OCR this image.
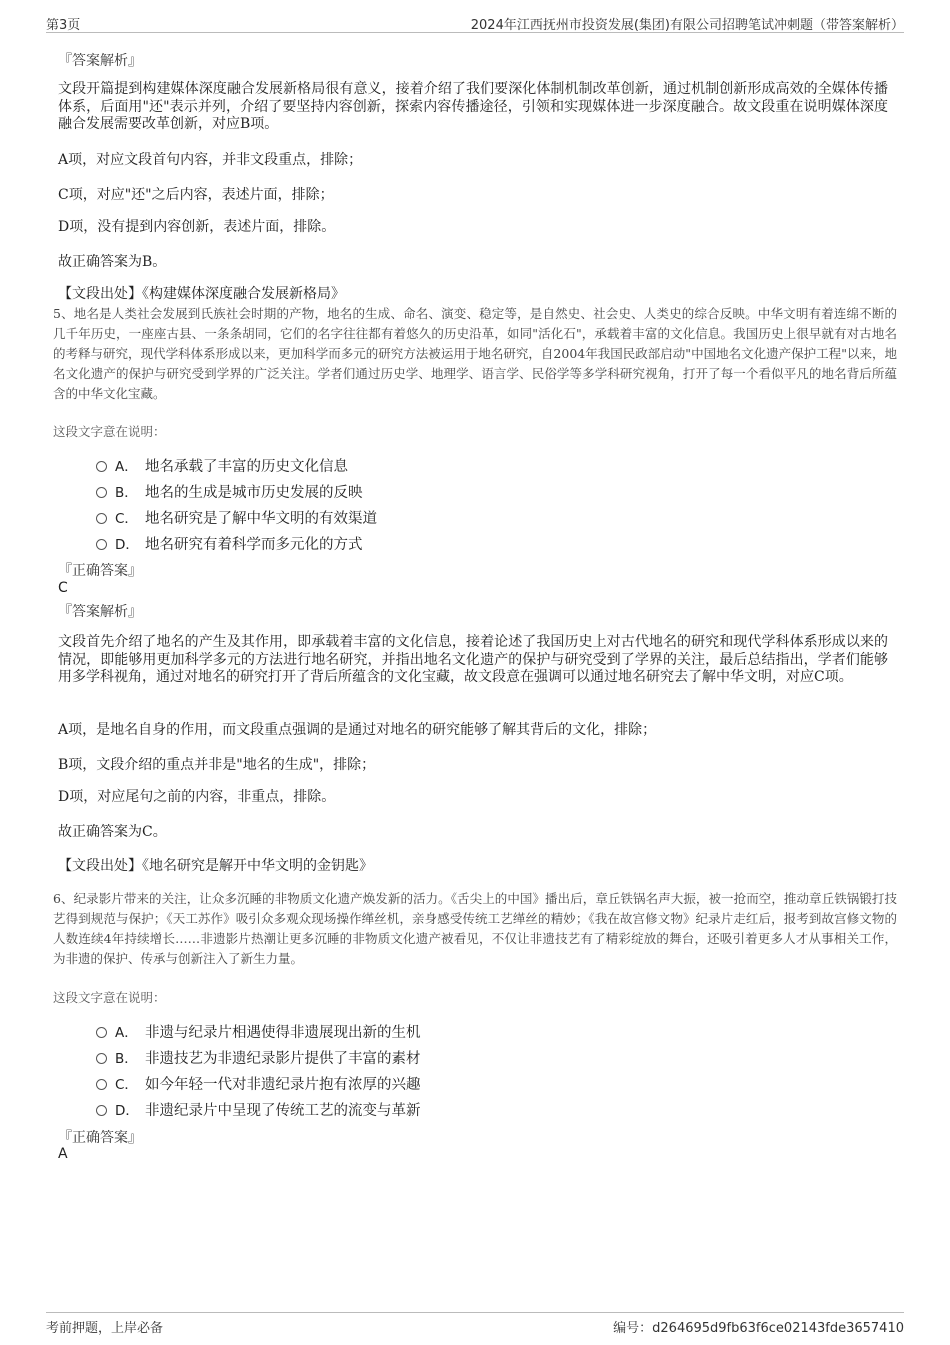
第3页	2024年江西抚州市投资发展(集团)有限公司招聘笔试冲刺题（带答案解析）
『答案解析』
文段开篇提到构建媒体深度融合发展新格局很有意义，接着介绍了我们要深化体制机制改革创新，通过机制创新形成高效的全媒体传播体系，后面用"还"表示并列，介绍了要坚持内容创新，探索内容传播途径，引领和实现媒体进一步深度融合。故文段重在说明媒体深度融合发展需要改革创新，对应B项。
A项，对应文段首句内容，并非文段重点，排除；
C项，对应"还"之后内容，表述片面，排除；
D项，没有提到内容创新，表述片面，排除。
故正确答案为B。
【文段出处】《构建媒体深度融合发展新格局》
5、地名是人类社会发展到氏族社会时期的产物，地名的生成、命名、演变、稳定等，是自然史、社会史、人类史的综合反映。中华文明有着连绵不断的几千年历史，一座座古县、一条条胡同，它们的名字往往都有着悠久的历史沿革，如同"活化石"，承载着丰富的文化信息。我国历史上很早就有对古地名的考释与研究，现代学科体系形成以来，更加科学而多元的研究方法被运用于地名研究，自2004年我国民政部启动"中国地名文化遗产保护工程"以来，地名文化遗产的保护与研究受到学界的广泛关注。学者们通过历史学、地理学、语言学、民俗学等多学科研究视角，打开了每一个看似平凡的地名背后所蕴含的中华文化宝藏。
这段文字意在说明：
A． 地名承载了丰富的历史文化信息
B． 地名的生成是城市历史发展的反映
C． 地名研究是了解中华文明的有效渠道
D． 地名研究有着科学而多元化的方式
『正确答案』
C
『答案解析』
文段首先介绍了地名的产生及其作用，即承载着丰富的文化信息，接着论述了我国历史上对古代地名的研究和现代学科体系形成以来的情况，即能够用更加科学多元的方法进行地名研究，并指出地名文化遗产的保护与研究受到了学界的关注，最后总结指出，学者们能够用多学科视角，通过对地名的研究打开了背后所蕴含的文化宝藏，故文段意在强调可以通过地名研究去了解中华文明，对应C项。
A项，是地名自身的作用，而文段重点强调的是通过对地名的研究能够了解其背后的文化，排除；
B项，文段介绍的重点并非是"地名的生成"，排除；
D项，对应尾句之前的内容，非重点，排除。
故正确答案为C。
【文段出处】《地名研究是解开中华文明的金钥匙》
6、纪录影片带来的关注，让众多沉睡的非物质文化遗产焕发新的活力。《舌尖上的中国》播出后，章丘铁锅名声大振，被一抢而空，推动章丘铁锅锻打技艺得到规范与保护；《天工苏作》吸引众多观众现场操作缂丝机，亲身感受传统工艺缂丝的精妙；《我在故宫修文物》纪录片走红后，报考到故宫修文物的人数连续4年持续增长……非遗影片热潮让更多沉睡的非物质文化遗产被看见，不仅让非遗技艺有了精彩绽放的舞台，还吸引着更多人才从事相关工作，为非遗的保护、传承与创新注入了新生力量。
这段文字意在说明：
A． 非遗与纪录片相遇使得非遗展现出新的生机
B． 非遗技艺为非遗纪录影片提供了丰富的素材
C． 如今年轻一代对非遗纪录片抱有浓厚的兴趣
D． 非遗纪录片中呈现了传统工艺的流变与革新
『正确答案』
A
考前押题，上岸必备	编号：d264695d9fb63f6ce02143fde3657410
